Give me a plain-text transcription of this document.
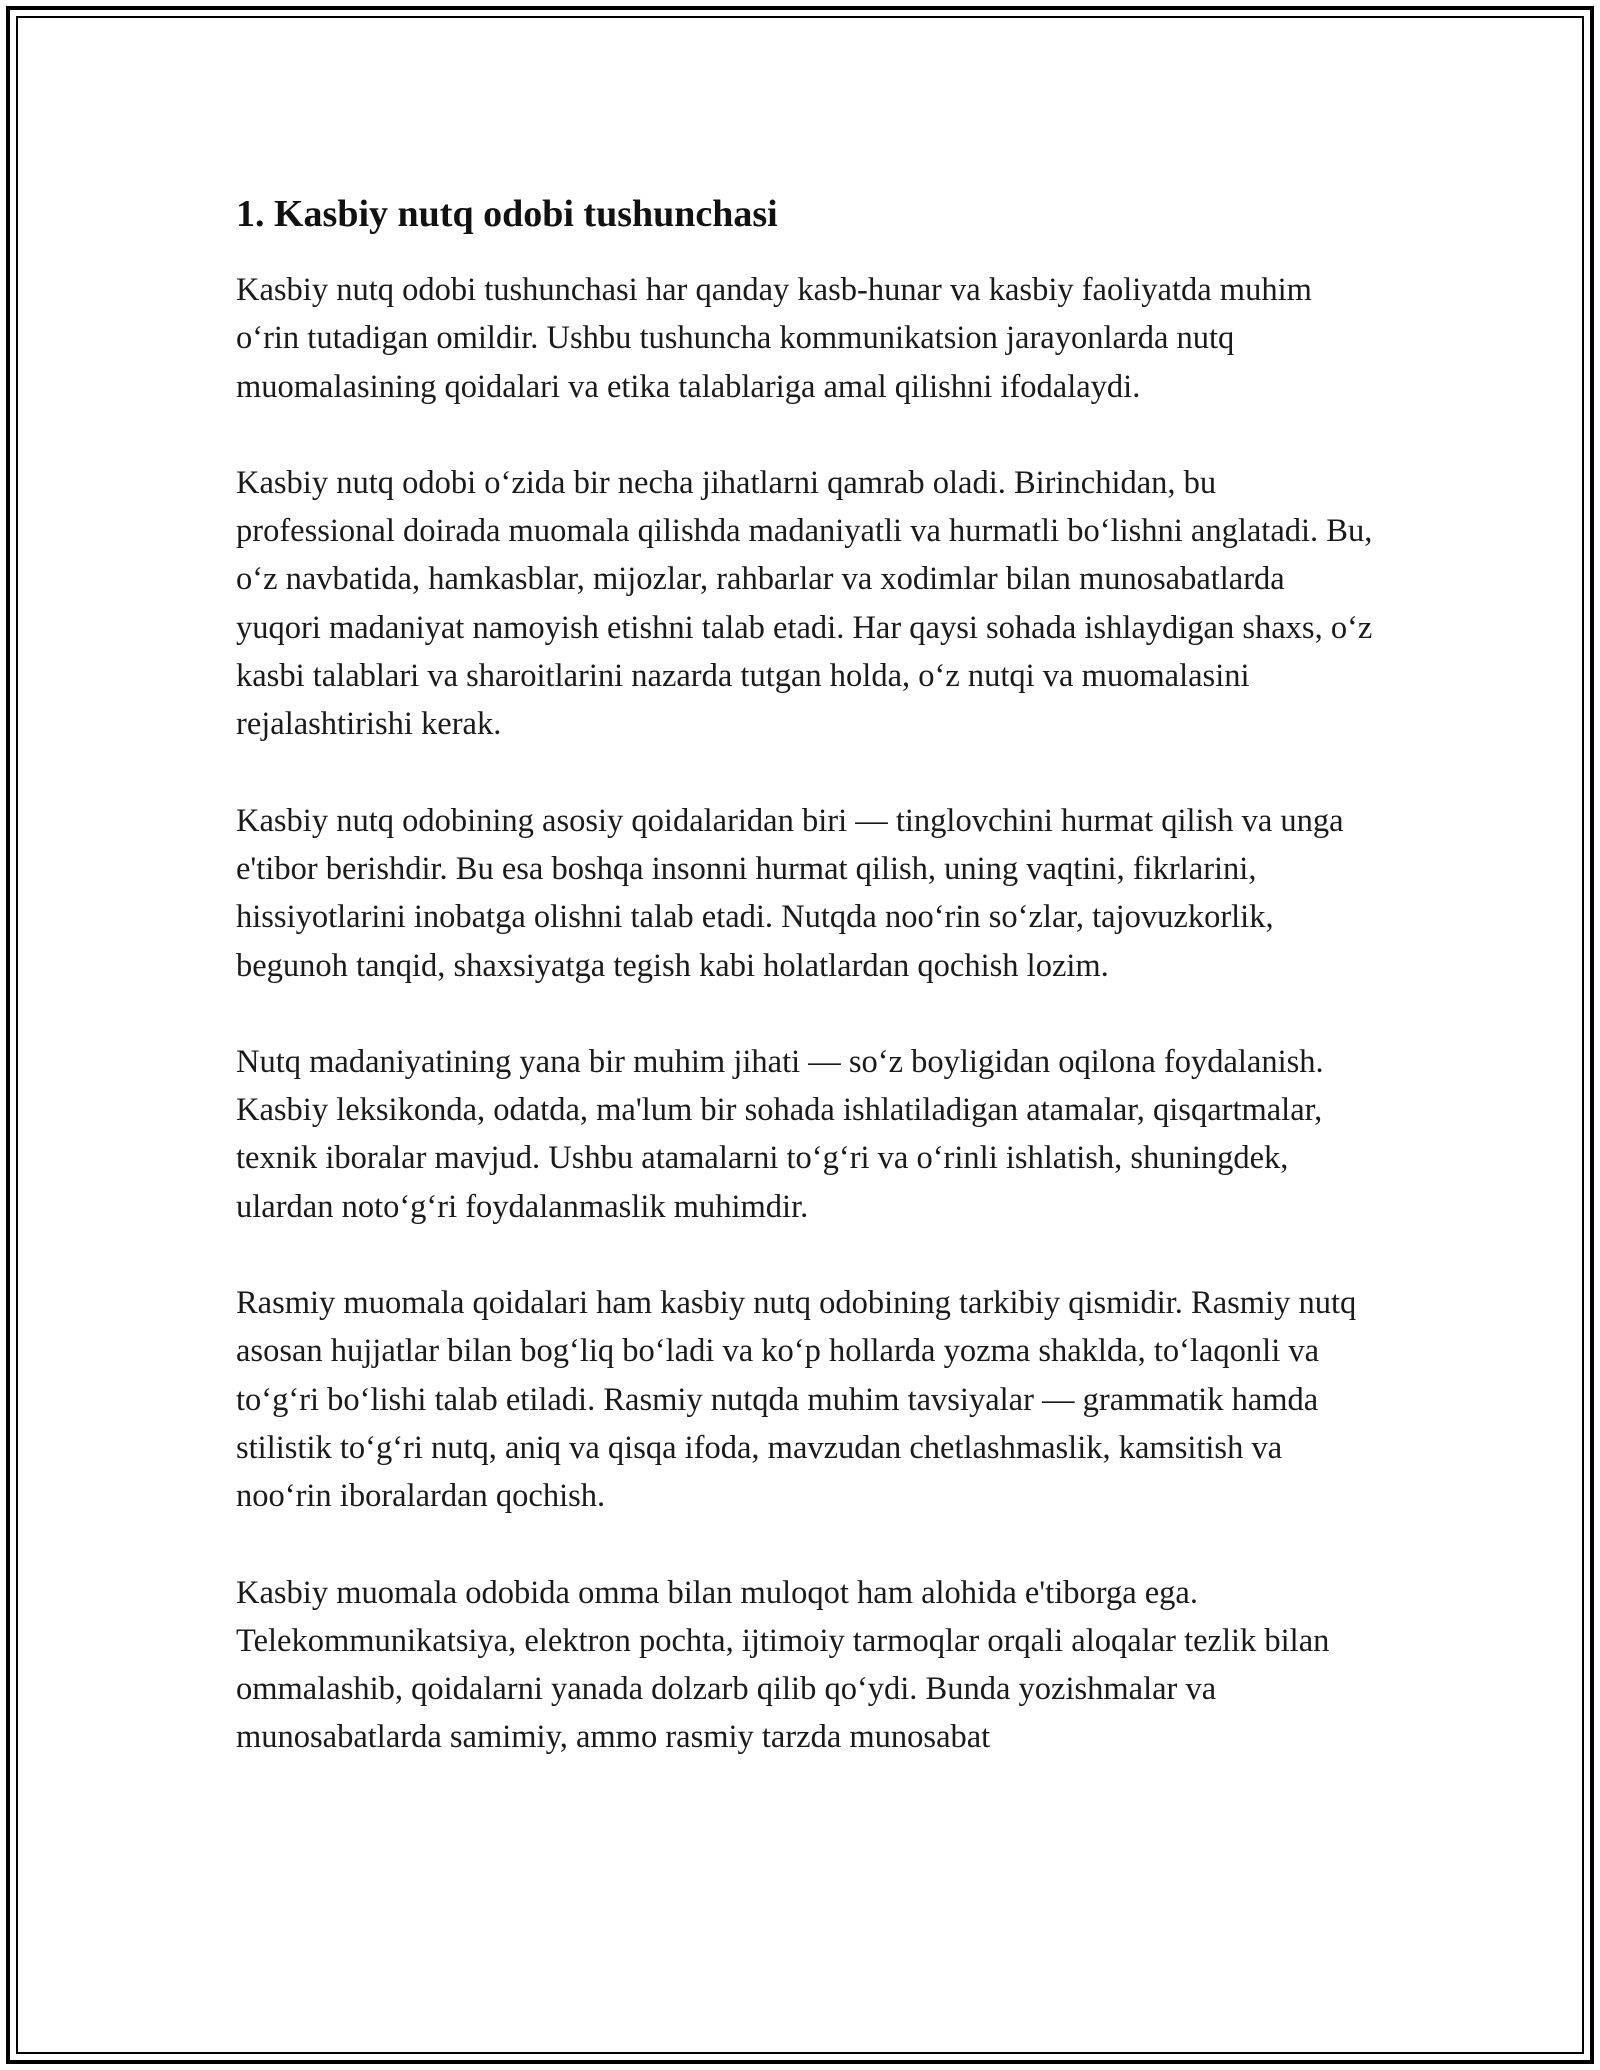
1. Kasbiy nutq odobi tushunchasi

Kasbiy nutq odobi tushunchasi har qanday kasb-hunar va kasbiy faoliyatda muhim o‘rin tutadigan omildir. Ushbu tushuncha kommunikatsion jarayonlarda nutq muomalasining qoidalari va etika talablariga amal qilishni ifodalaydi.

Kasbiy nutq odobi o‘zida bir necha jihatlarni qamrab oladi. Birinchidan, bu professional doirada muomala qilishda madaniyatli va hurmatli bo‘lishni anglatadi. Bu, o‘z navbatida, hamkasblar, mijozlar, rahbarlar va xodimlar bilan munosabatlarda yuqori madaniyat namoyish etishni talab etadi. Har qaysi sohada ishlaydigan shaxs, o‘z kasbi talablari va sharoitlarini nazarda tutgan holda, o‘z nutqi va muomalasini rejalashtirishi kerak.

Kasbiy nutq odobining asosiy qoidalaridan biri — tinglovchini hurmat qilish va unga e'tibor berishdir. Bu esa boshqa insonni hurmat qilish, uning vaqtini, fikrlarini, hissiyotlarini inobatga olishni talab etadi. Nutqda noo‘rin so‘zlar, tajovuzkorlik, begunoh tanqid, shaxsiyatga tegish kabi holatlardan qochish lozim.

Nutq madaniyatining yana bir muhim jihati — so‘z boyligidan oqilona foydalanish. Kasbiy leksikonda, odatda, ma'lum bir sohada ishlatiladigan atamalar, qisqartmalar, texnik iboralar mavjud. Ushbu atamalarni to‘g‘ri va o‘rinli ishlatish, shuningdek, ulardan noto‘g‘ri foydalanmaslik muhimdir.

Rasmiy muomala qoidalari ham kasbiy nutq odobining tarkibiy qismidir. Rasmiy nutq asosan hujjatlar bilan bog‘liq bo‘ladi va ko‘p hollarda yozma shaklda, to‘laqonli va to‘g‘ri bo‘lishi talab etiladi. Rasmiy nutqda muhim tavsiyalar — grammatik hamda stilistik to‘g‘ri nutq, aniq va qisqa ifoda, mavzudan chetlashmaslik, kamsitish va noo‘rin iboralardan qochish.

Kasbiy muomala odobida omma bilan muloqot ham alohida e'tiborga ega. Telekommunikatsiya, elektron pochta, ijtimoiy tarmoqlar orqali aloqalar tezlik bilan ommalashib, qoidalarni yanada dolzarb qilib qo‘ydi. Bunda yozishmalar va munosabatlarda samimiy, ammo rasmiy tarzda munosabat
